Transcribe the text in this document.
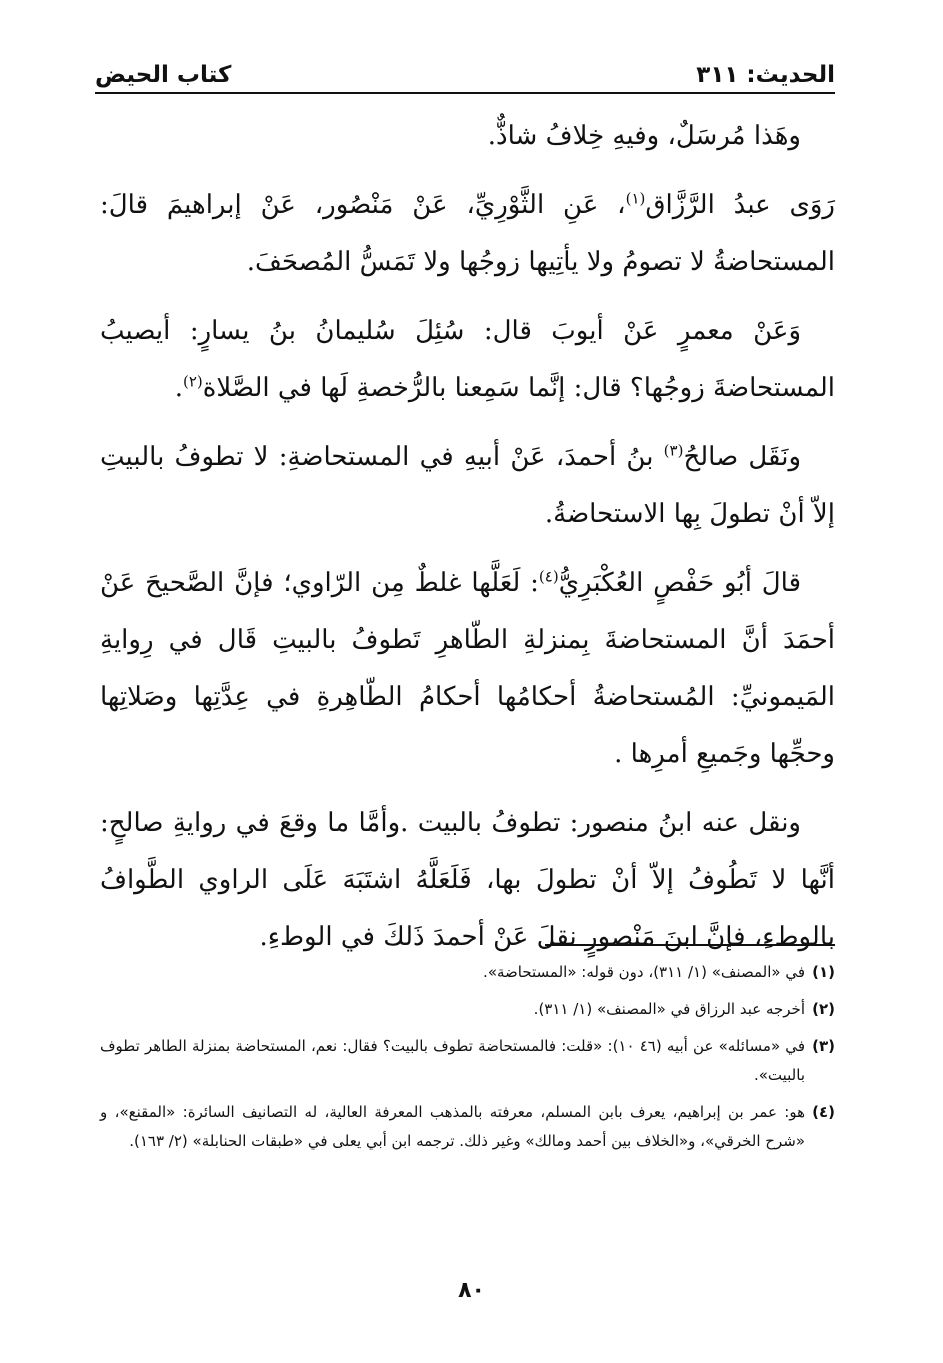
الحديث: ٣١١
كتاب الحيض

وهَذا مُرسَلٌ، وفيهِ خِلافُ شاذٌّ.

رَوَى عبدُ الرَّزَّاق$^{(١)}$، عَنِ الثَّوْرِيِّ، عَنْ مَنْصُور، عَنْ إبراهيمَ قالَ: المستحاضةُ لا تصومُ ولا يأتِيها زوجُها ولا تَمَسُّ المُصحَفَ.

وَعَنْ معمرٍ عَنْ أيوبَ قال: سُئِلَ سُليمانُ بنُ يسارٍ: أيصيبُ المستحاضةَ زوجُها؟ قال: إنَّما سَمِعنا بالرُّخصةِ لَها في الصَّلاة$^{(٢)}$.

ونَقَل صالحُ$^{(٣)}$ بنُ أحمدَ، عَنْ أبيهِ في المستحاضةِ: لا تطوفُ بالبيتِ إلاّ أنْ تطولَ بِها الاستحاضةُ.

قالَ أبُو حَفْصٍ العُكْبَرِيُّ$^{(٤)}$: لَعَلَّها غلطٌ مِن الرّاوي؛ فإنَّ الصَّحيحَ عَنْ أحمَدَ أنَّ المستحاضةَ بِمنزلةِ الطّاهرِ تَطوفُ بالبيتِ قَال في رِوايةِ المَيمونيِّ: المُستحاضةُ أحكامُها أحكامُ الطّاهِرةِ في عِدَّتِها وصَلاتِها وحجِّها وجَميعِ أمرِها .

ونقل عنه ابنُ منصور: تطوفُ بالبيت .وأمَّا ما وقعَ في روايةِ صالحٍ: أنَّها لا تَطُوفُ إلاّ أنْ تطولَ بها، فَلَعَلَّهُ اشتَبَهَ عَلَى الراوي الطَّوافُ بالوطءِ، فإنَّ ابنَ مَنْصورٍ نقلَ عَنْ أحمدَ ذَلكَ في الوطءِ.

(١)في «المصنف» (١/ ٣١١)، دون قوله: «المستحاضة».

(٢)أخرجه عبد الرزاق في «المصنف» (١/ ٣١١).

(٣)في «مسائله» عن أبيه (٤٦ ١٠): «قلت: فالمستحاضة تطوف بالبيت؟ فقال: نعم، المستحاضة بمنزلة الطاهر تطوف بالبيت».

(٤)هو: عمر بن إبراهيم، يعرف بابن المسلم، معرفته بالمذهب المعرفة العالية، له التصانيف السائرة: «المقنع»، و «شرح الخرقي»، و«الخلاف بين أحمد ومالك» وغير ذلك. ترجمه ابن أبي يعلى في «طبقات الحنابلة» (٢/ ١٦٣).

٨٠
